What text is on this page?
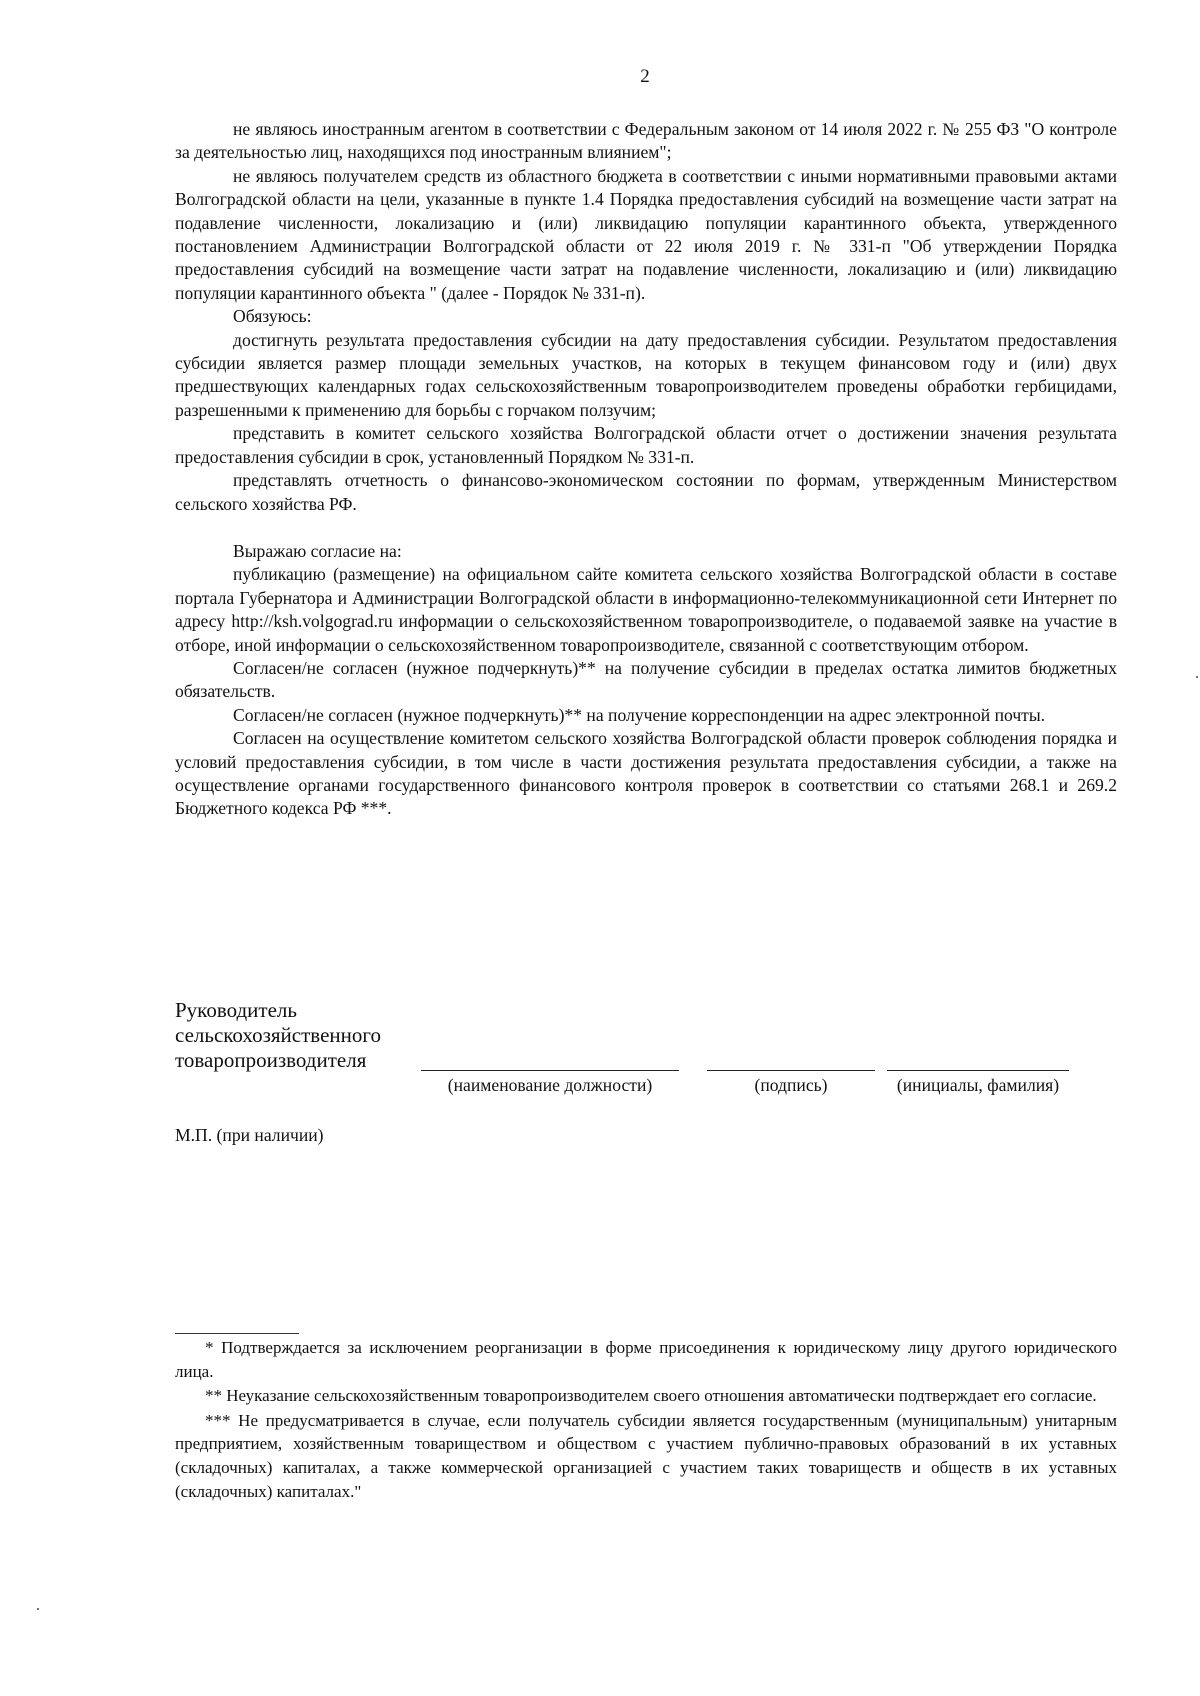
2

не являюсь иностранным агентом в соответствии с Федеральным законом от 14 июля 2022 г. № 255 ФЗ "О контроле за деятельностью лиц, находящихся под иностранным влиянием";

не являюсь получателем средств из областного бюджета в соответствии с иными нормативными правовыми актами Волгоградской области на цели, указанные в пункте 1.4 Порядка предоставления субсидий на возмещение части затрат на подавление численности, локализацию и (или) ликвидацию популяции карантинного объекта, утвержденного постановлением Администрации Волгоградской области от 22 июля 2019 г. № 331-п "Об утверждении Порядка предоставления субсидий на возмещение части затрат на подавление численности, локализацию и (или) ликвидацию популяции карантинного объекта " (далее - Порядок № 331-п).

Обязуюсь:

достигнуть результата предоставления субсидии на дату предоставления субсидии. Результатом предоставления субсидии является размер площади земельных участков, на которых в текущем финансовом году и (или) двух предшествующих календарных годах сельскохозяйственным товаропроизводителем проведены обработки гербицидами, разрешенными к применению для борьбы с горчаком ползучим;

представить в комитет сельского хозяйства Волгоградской области отчет о достижении значения результата предоставления субсидии в срок, установленный Порядком № 331-п.

представлять отчетность о финансово-экономическом состоянии по формам, утвержденным Министерством сельского хозяйства РФ.

Выражаю согласие на:

публикацию (размещение) на официальном сайте комитета сельского хозяйства Волгоградской области в составе портала Губернатора и Администрации Волгоградской области в информационно-телекоммуникационной сети Интернет по адресу http://ksh.volgograd.ru информации о сельскохозяйственном товаропроизводителе, о подаваемой заявке на участие в отборе, иной информации о сельскохозяйственном товаропроизводителе, связанной с соответствующим отбором.

Согласен/не согласен (нужное подчеркнуть)** на получение субсидии в пределах остатка лимитов бюджетных обязательств.

Согласен/не согласен (нужное подчеркнуть)** на получение корреспонденции на адрес электронной почты.

Согласен на осуществление комитетом сельского хозяйства Волгоградской области проверок соблюдения порядка и условий предоставления субсидии, в том числе в части достижения результата предоставления субсидии, а также на осуществление органами государственного финансового контроля проверок в соответствии со статьями 268.1 и 269.2 Бюджетного кодекса РФ ***.

Руководитель
сельскохозяйственного
товаропроизводителя
(наименование должности)	(подпись)	(инициалы, фамилия)
М.П. (при наличии)

* Подтверждается за исключением реорганизации в форме присоединения к юридическому лицу другого юридического лица.

** Неуказание сельскохозяйственным товаропроизводителем своего отношения автоматически подтверждает его согласие.

*** Не предусматривается в случае, если получатель субсидии является государственным (муниципальным) унитарным предприятием, хозяйственным товариществом и обществом с участием публично-правовых образований в их уставных (складочных) капиталах, а также коммерческой организацией с участием таких товариществ и обществ в их уставных (складочных) капиталах."
